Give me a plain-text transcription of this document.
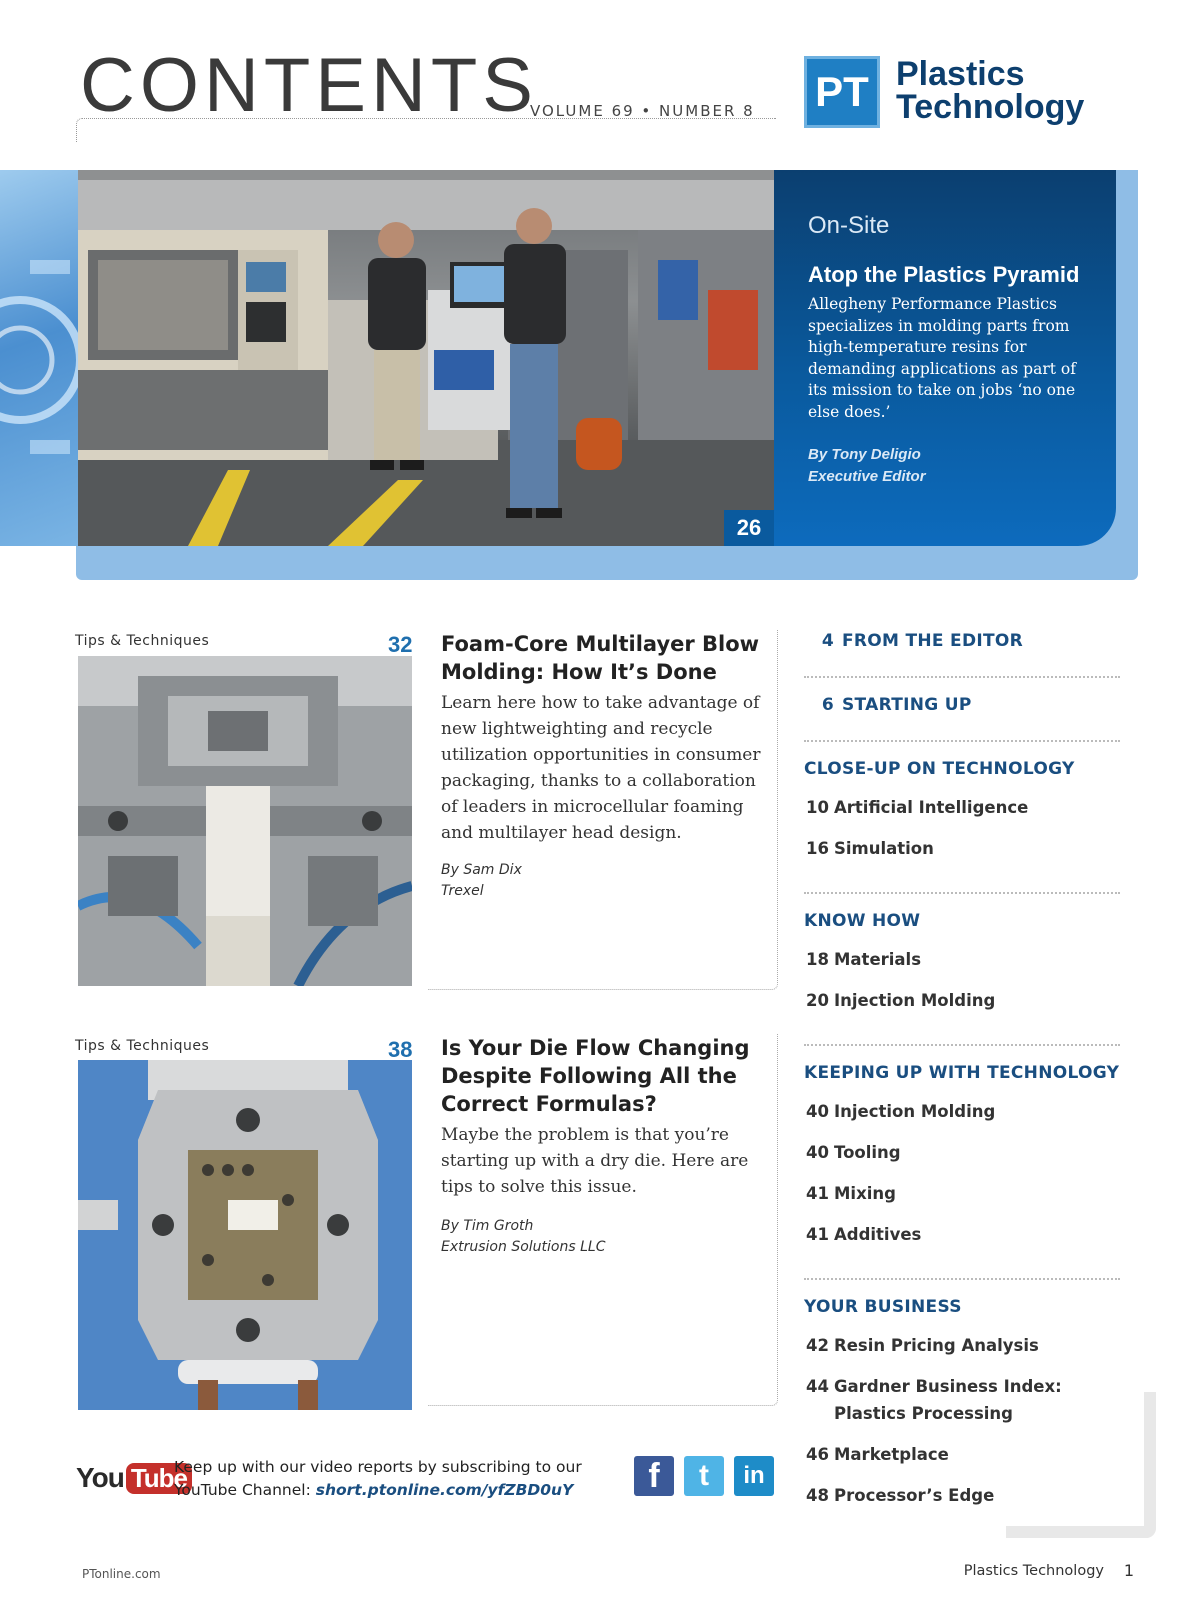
CONTENTS
VOLUME 69 • NUMBER 8 PT Plastics
Technology
On-Site
Atop the Plastics Pyramid
Allegheny Performance Plastics specializes in molding parts from high-temperature resins for demanding applications as part of its mission to take on jobs ‘no one else does.’
By Tony Deligio
Executive Editor
26
Tips & Techniques	32 Foam-Core Multilayer Blow Molding: How It’s Done
Learn here how to take advantage of new lightweighting and recycle utilization opportunities in consumer packaging, thanks to a collaboration of leaders in microcellular foaming and multilayer head design.
By Sam Dix
Trexel
Tips & Techniques	38 Is Your Die Flow Changing Despite Following All the Correct Formulas?
Maybe the problem is that you’re starting up with a dry die. Here are tips to solve this issue.
By Tim Groth
Extrusion Solutions LLC
4 FROM THE EDITOR
6 STARTING UP
CLOSE-UP ON TECHNOLOGY
10 Artificial Intelligence
16 Simulation
KNOW HOW
18 Materials
20 Injection Molding
KEEPING UP WITH TECHNOLOGY
40 Injection Molding
40 Tooling
41 Mixing
41 Additives
YOUR BUSINESS
42 Resin Pricing Analysis
44 Gardner Business Index: Plastics Processing
46 Marketplace
48 Processor’s Edge
You Tube
Keep up with our video reports by subscribing to our
YouTube Channel: short.ptonline.com/yfZBD0uY	f	t	in
PTonline.com	Plastics Technology 1
